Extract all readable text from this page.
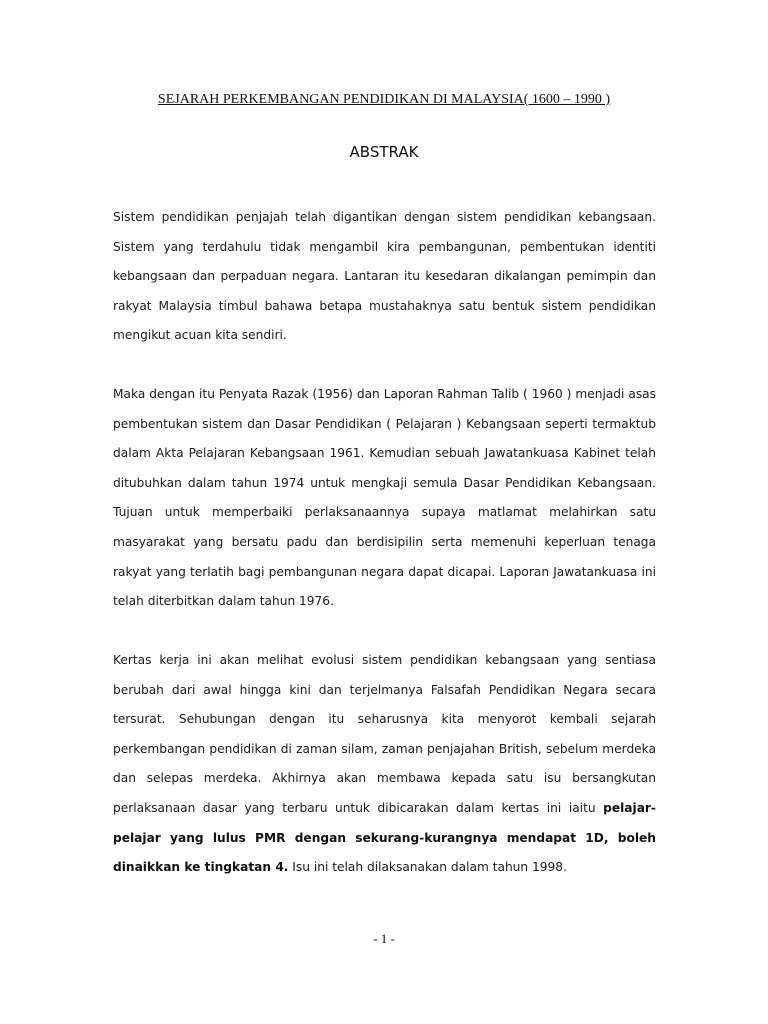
SEJARAH PERKEMBANGAN PENDIDIKAN DI MALAYSIA( 1600 – 1990 )
ABSTRAK

Sistem pendidikan penjajah telah digantikan dengan sistem pendidikan kebangsaan. Sistem yang terdahulu tidak mengambil kira pembangunan, pembentukan identiti kebangsaan dan perpaduan negara. Lantaran itu kesedaran dikalangan pemimpin dan rakyat Malaysia timbul bahawa betapa mustahaknya satu bentuk sistem pendidikan mengikut acuan kita sendiri.

Maka dengan itu Penyata Razak (1956) dan Laporan Rahman Talib ( 1960 ) menjadi asas pembentukan sistem dan Dasar Pendidikan ( Pelajaran ) Kebangsaan seperti termaktub dalam Akta Pelajaran Kebangsaan 1961. Kemudian sebuah Jawatankuasa Kabinet telah ditubuhkan dalam tahun 1974 untuk mengkaji semula Dasar Pendidikan Kebangsaan. Tujuan untuk memperbaiki perlaksanaannya supaya matlamat melahirkan satu masyarakat yang bersatu padu dan berdisipilin serta memenuhi keperluan tenaga rakyat yang terlatih bagi pembangunan negara dapat dicapai. Laporan Jawatankuasa ini telah diterbitkan dalam tahun 1976.

Kertas kerja ini akan melihat evolusi sistem pendidikan kebangsaan yang sentiasa berubah dari awal hingga kini dan terjelmanya Falsafah Pendidikan Negara secara tersurat. Sehubungan dengan itu seharusnya kita menyorot kembali sejarah perkembangan pendidikan di zaman silam, zaman penjajahan British, sebelum merdeka dan selepas merdeka. Akhirnya akan membawa kepada satu isu bersangkutan perlaksanaan dasar yang terbaru untuk dibicarakan dalam kertas ini iaitu pelajar-pelajar yang lulus PMR dengan sekurang-kurangnya mendapat 1D, boleh dinaikkan ke tingkatan 4. Isu ini telah dilaksanakan dalam tahun 1998.

- 1 -
